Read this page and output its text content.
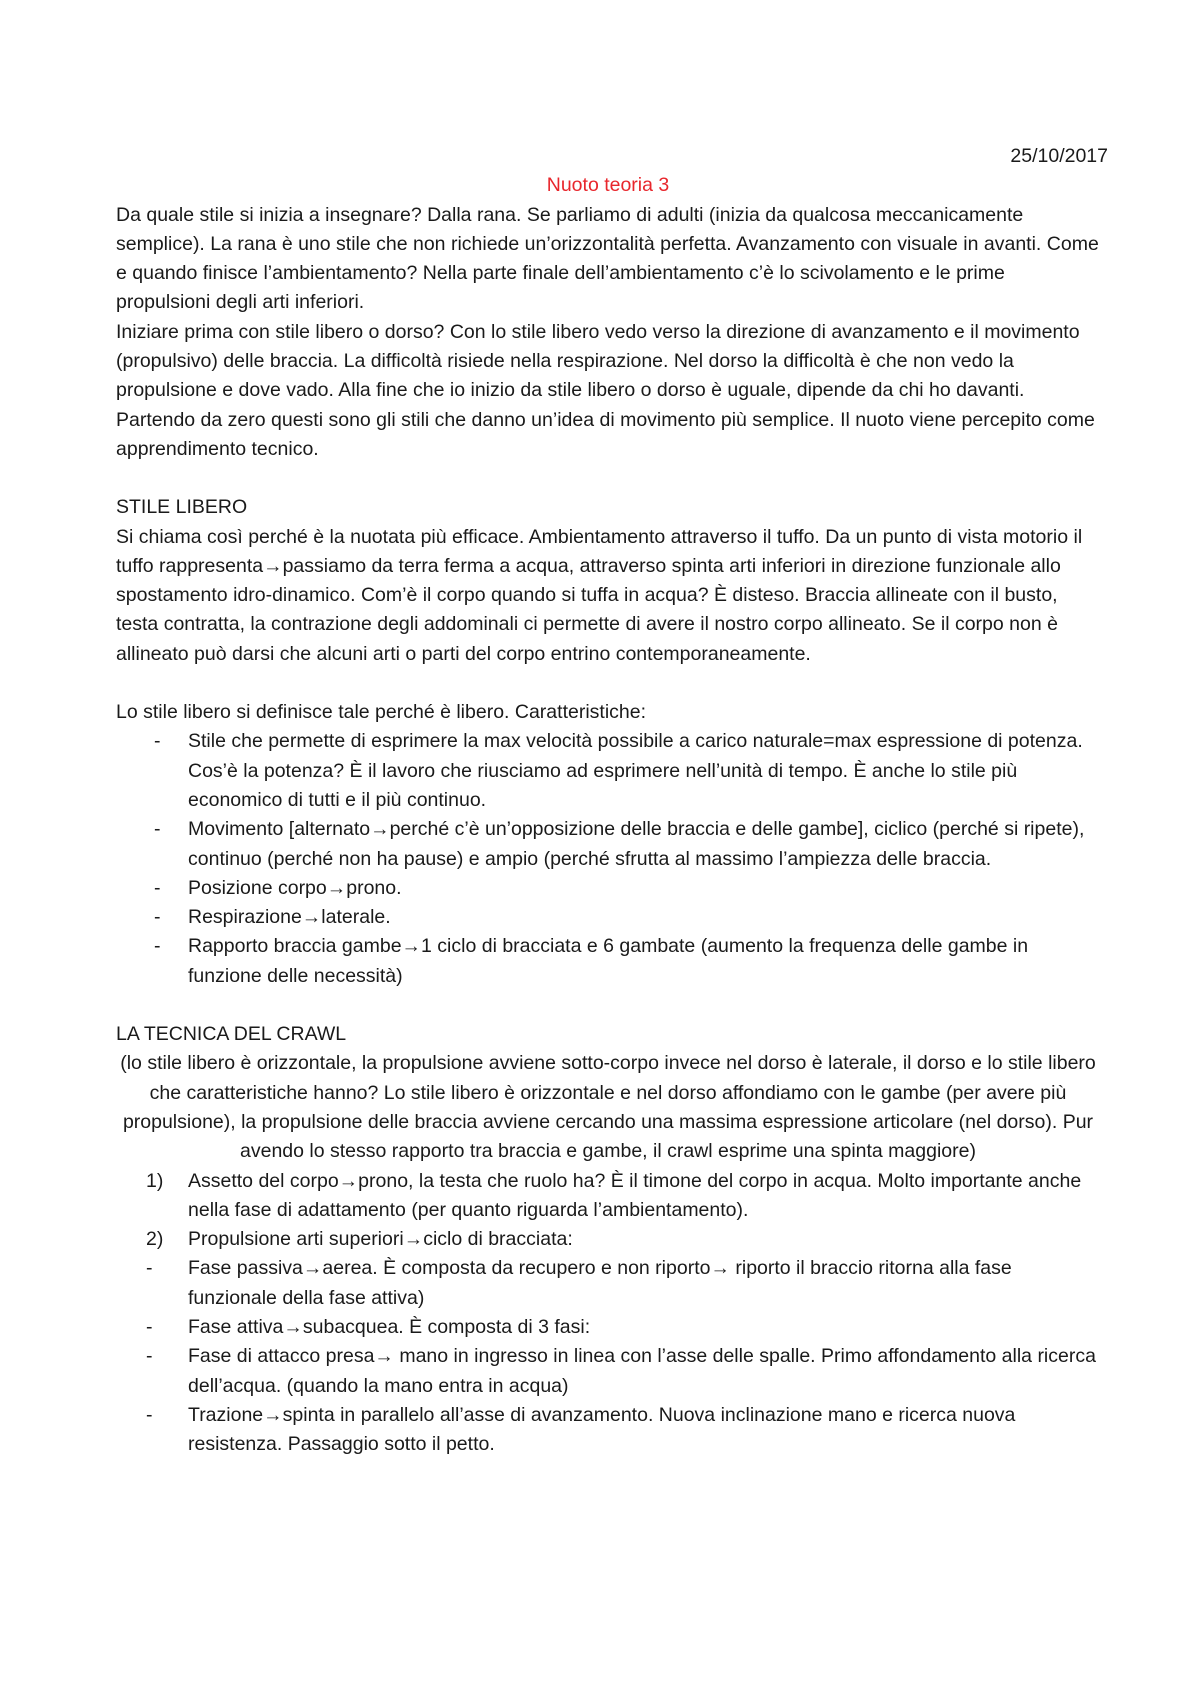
25/10/2017
Nuoto teoria 3

Da quale stile si inizia a insegnare? Dalla rana. Se parliamo di adulti (inizia da qualcosa meccanicamente semplice). La rana è uno stile che non richiede un’orizzontalità perfetta. Avanzamento con visuale in avanti. Come e quando finisce l’ambientamento? Nella parte finale dell’ambientamento c’è lo scivolamento e le prime propulsioni degli arti inferiori.

Iniziare prima con stile libero o dorso? Con lo stile libero vedo verso la direzione di avanzamento e il movimento (propulsivo) delle braccia. La difficoltà risiede nella respirazione. Nel dorso la difficoltà è che non vedo la propulsione e dove vado. Alla fine che io inizio da stile libero o dorso è uguale, dipende da chi ho davanti. Partendo da zero questi sono gli stili che danno un’idea di movimento più semplice. Il nuoto viene percepito come apprendimento tecnico.

STILE LIBERO

Si chiama così perché è la nuotata più efficace. Ambientamento attraverso il tuffo. Da un punto di vista motorio il tuffo rappresenta→passiamo da terra ferma a acqua, attraverso spinta arti inferiori in direzione funzionale allo spostamento idro-dinamico. Com’è il corpo quando si tuffa in acqua? È disteso. Braccia allineate con il busto, testa contratta, la contrazione degli addominali ci permette di avere il nostro corpo allineato. Se il corpo non è allineato può darsi che alcuni arti o parti del corpo entrino contemporaneamente.

Lo stile libero si definisce tale perché è libero. Caratteristiche:

- Stile che permette di esprimere la max velocità possibile a carico naturale=max espressione di potenza. Cos’è la potenza? È il lavoro che riusciamo ad esprimere nell’unità di tempo. È anche lo stile più economico di tutti e il più continuo.
- Movimento [alternato→perché c’è un’opposizione delle braccia e delle gambe], ciclico (perché si ripete), continuo (perché non ha pause) e ampio (perché sfrutta al massimo l’ampiezza delle braccia.
- Posizione corpo→prono.
- Respirazione→laterale.
- Rapporto braccia gambe→1 ciclo di bracciata e 6 gambate (aumento la frequenza delle gambe in funzione delle necessità)

LA TECNICA DEL CRAWL

(lo stile libero è orizzontale, la propulsione avviene sotto-corpo invece nel dorso è laterale, il dorso e lo stile libero che caratteristiche hanno? Lo stile libero è orizzontale e nel dorso affondiamo con le gambe (per avere più propulsione), la propulsione delle braccia avviene cercando una massima espressione articolare (nel dorso). Pur avendo lo stesso rapporto tra braccia e gambe, il crawl esprime una spinta maggiore)

1) Assetto del corpo→prono, la testa che ruolo ha? È il timone del corpo in acqua. Molto importante anche nella fase di adattamento (per quanto riguarda l’ambientamento).
2) Propulsione arti superiori→ciclo di bracciata:
- Fase passiva→aerea. È composta da recupero e non riporto→ riporto il braccio ritorna alla fase funzionale della fase attiva)
- Fase attiva→subacquea. È composta di 3 fasi:
- Fase di attacco presa→ mano in ingresso in linea con l’asse delle spalle. Primo affondamento alla ricerca dell’acqua. (quando la mano entra in acqua)
- Trazione→spinta in parallelo all’asse di avanzamento. Nuova inclinazione mano e ricerca nuova resistenza. Passaggio sotto il petto.
